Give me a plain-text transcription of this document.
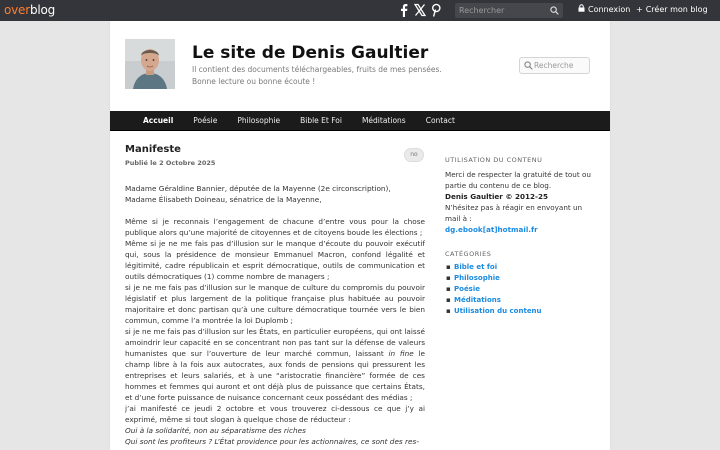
overblog
Rechercher	Connexion + Créer mon blog
Le site de Denis Gaultier
Il contient des documents téléchargeables, fruits de mes pensées. Bonne lecture ou bonne écoute !
Recherche
Accueil	Poésie	Philosophie	Bible Et Foi	Méditations	Contact
no
Manifeste
Publié le 2 Octobre 2025

Madame Géraldine Bannier, députée de la Mayenne (2e circonscription),
Madame Élisabeth Doineau, sénatrice de la Mayenne,

Même si je reconnais l’engagement de chacune d’entre vous pour la chose publique alors qu’une majorité de citoyennes et de citoyens boude les élections ;
Même si je ne me fais pas d’illusion sur le manque d’écoute du pouvoir exécutif qui, sous la présidence de monsieur Emmanuel Macron, confond légalité et légitimité, cadre républicain et esprit démocratique, outils de communication et outils démocratiques (1) comme nombre de managers ;
si je ne me fais pas d’illusion sur le manque de culture du compromis du pouvoir législatif et plus largement de la politique française plus habituée au pouvoir majoritaire et donc partisan qu’à une culture démocratique tournée vers le bien commun, comme l’a montrée la loi Duplomb ;
si je ne me fais pas d’illusion sur les États, en particulier européens, qui ont laissé amoindrir leur capacité en se concentrant non pas tant sur la défense de valeurs humanistes que sur l’ouverture de leur marché commun, laissant in fine le champ libre à la fois aux autocrates, aux fonds de pensions qui pressurent les entreprises et leurs salariés, et à une “aristocratie financière” formée de ces hommes et femmes qui auront et ont déjà plus de puissance que certains États, et d’une forte puissance de nuisance concernant ceux possédant des médias ;
j’ai manifesté ce jeudi 2 octobre et vous trouverez ci-dessous ce que j’y ai exprimé, même si tout slogan à quelque chose de réducteur :
Oui à la solidarité, non au séparatisme des riches
Qui sont les profiteurs ? L’État providence pour les actionnaires, ce sont des res-

UTILISATION DU CONTENU
Merci de respecter la gratuité de tout ou partie du contenu de ce blog.
Denis Gaultier © 2012-25
N’hésitez pas à réagir en envoyant un mail à :
dg.ebook[at]hotmail.fr
CATÉGORIES
▪ Bible et foi
▪ Philosophie
▪ Poésie
▪ Méditations
▪ Utilisation du contenu
